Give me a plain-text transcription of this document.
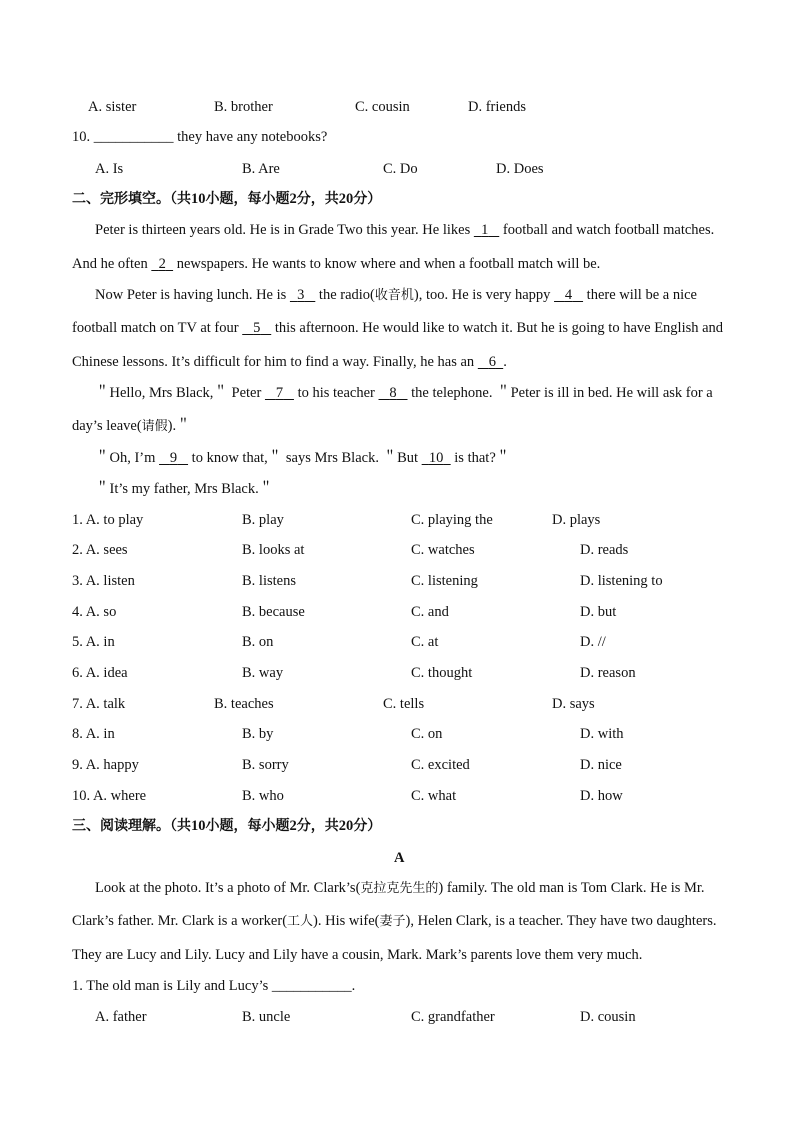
A. sister	B. brother	C. cousin	D. friends
10. ___________ they have any notebooks?
A. Is	B. Are	C. Do	D. Does
二、完形填空。（共10小题，每小题2分，共20分）
Peter is thirteen years old. He is in Grade Two this year. He likes 1 football and watch football matches.
And he often 2 newspapers. He wants to know where and when a football match will be.
Now Peter is having lunch. He is 3 the radio(收音机), too. He is very happy 4 there will be a nice
football match on TV at four 5 this afternoon. He would like to watch it. But he is going to have English and
Chinese lessons. It’s difficult for him to find a way. Finally, he has an 6 .
＂Hello, Mrs Black,＂ Peter 7 to his teacher 8 the telephone. ＂Peter is ill in bed. He will ask for a
day’s leave(请假).＂
＂Oh, I’m 9 to know that,＂ says Mrs Black. ＂But 10 is that?＂
＂It’s my father, Mrs Black.＂
1. A. to play	B. play	C. playing the	D. plays
2. A. sees	B. looks at	C. watches	D. reads
3. A. listen	B. listens	C. listening	D. listening to
4. A. so	B. because	C. and	D. but
5. A. in	B. on	C. at	D. //
6. A. idea	B. way	C. thought	D. reason
7. A. talk	B. teaches	C. tells	D. says
8. A. in	B. by	C. on	D. with
9. A. happy	B. sorry	C. excited	D. nice
10. A. where	B. who	C. what	D. how
三、阅读理解。（共10小题，每小题2分，共20分）
A
Look at the photo. It’s a photo of Mr. Clark’s(克拉克先生的) family. The old man is Tom Clark. He is Mr.
Clark’s father. Mr. Clark is a worker(工人). His wife(妻子), Helen Clark, is a teacher. They have two daughters.
They are Lucy and Lily. Lucy and Lily have a cousin, Mark. Mark’s parents love them very much.
1. The old man is Lily and Lucy’s ___________.
A. father	B. uncle	C. grandfather	D. cousin
